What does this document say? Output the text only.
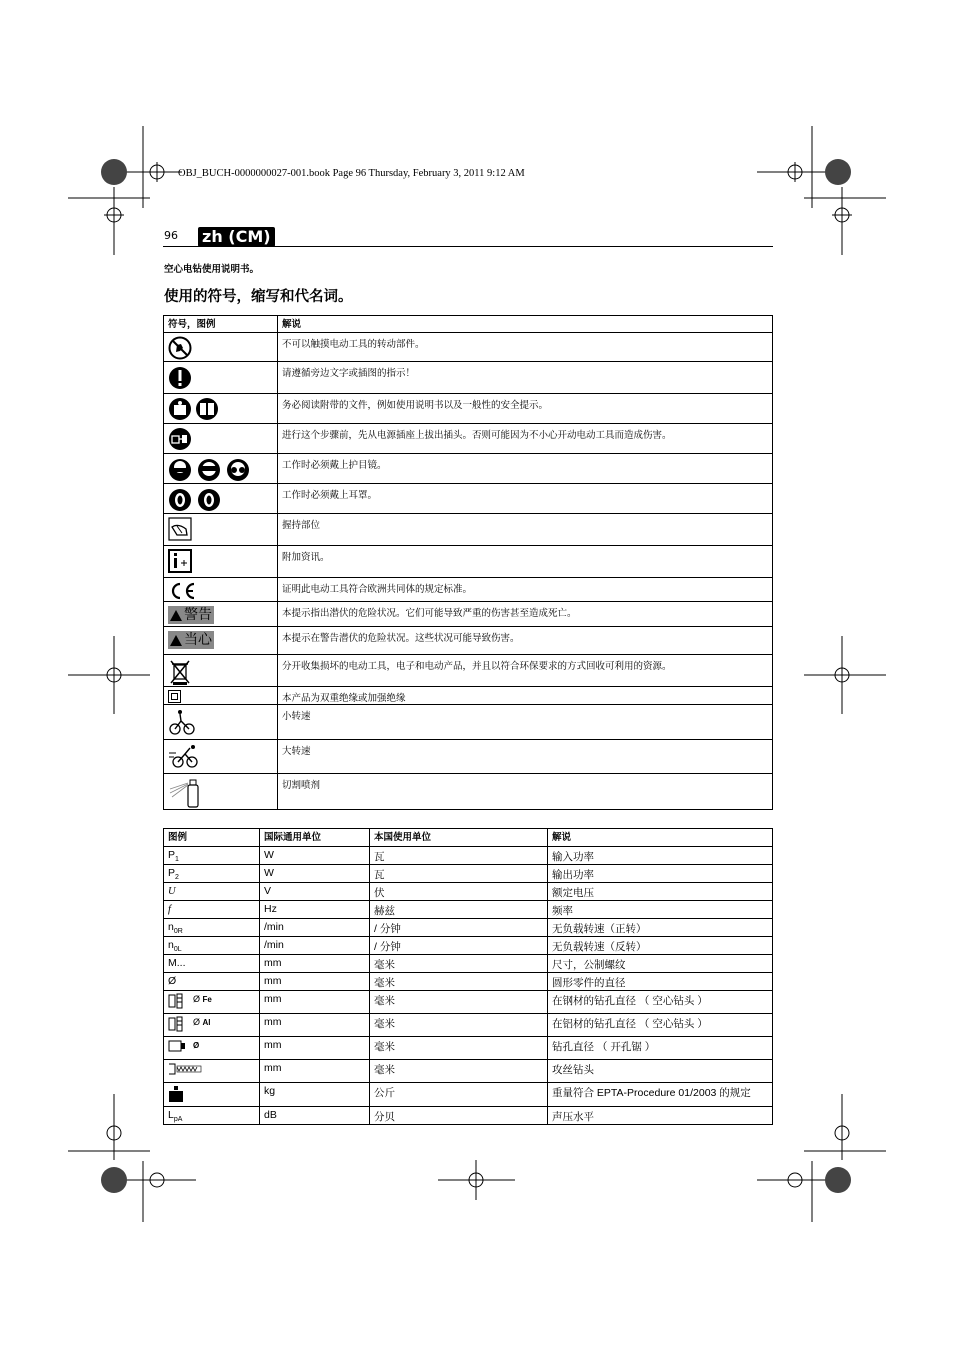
OBJ_BUCH-0000000027-001.book Page 96 Thursday, February 3, 2011 9:12 AM
96 zh (CM)
空心电钻使用说明书。
使用的符号，缩写和代名词。
符号，图例	解说
	不可以触摸电动工具的转动部件。
	请遵循旁边文字或插图的指示！
	务必阅读附带的文件，例如使用说明书以及一般性的安全提示。
	进行这个步骤前，先从电源插座上拔出插头。否则可能因为不小心开动电动工具而造成伤害。
	工作时必须戴上护目镜。
	工作时必须戴上耳罩。
	握持部位
	附加资讯。
	证明此电动工具符合欧洲共同体的规定标准。

警告	本提示指出潜伏的危险状况。它们可能导致严重的伤害甚至造成死亡。

当心	本提示在警告潜伏的危险状况。这些状况可能导致伤害。
	分开收集损坏的电动工具，电子和电动产品，并且以符合环保要求的方式回收可利用的资源。
	本产品为双重绝缘或加强绝缘
	小转速
	大转速
	切割喷剂
图例	国际通用单位	本国使用单位	解说
$P_1$	W	瓦	输入功率
$P_2$	W	瓦	输出功率
U	V	伏	额定电压
f	Hz	赫兹	频率
$n_{0R}$	/min	/ 分钟	无负载转速（正转）
$n_{0L}$	/min	/ 分钟	无负载转速（反转）
M...	mm	毫米	尺寸，公制螺纹
Ø	mm	毫米	圆形零件的直径
Ø Fe	mm	毫米	在钢材的钻孔直径 （ 空心钻头 ）
Ø Al	mm	毫米	在铝材的钻孔直径 （ 空心钻头 ）
Ø	mm	毫米	钻孔直径 （ 开孔锯 ）
	mm	毫米	攻丝钻头
	kg	公斤	重量符合 EPTA-Procedure 01/2003 的规定
$L_{pA}$	dB	分贝	声压水平
